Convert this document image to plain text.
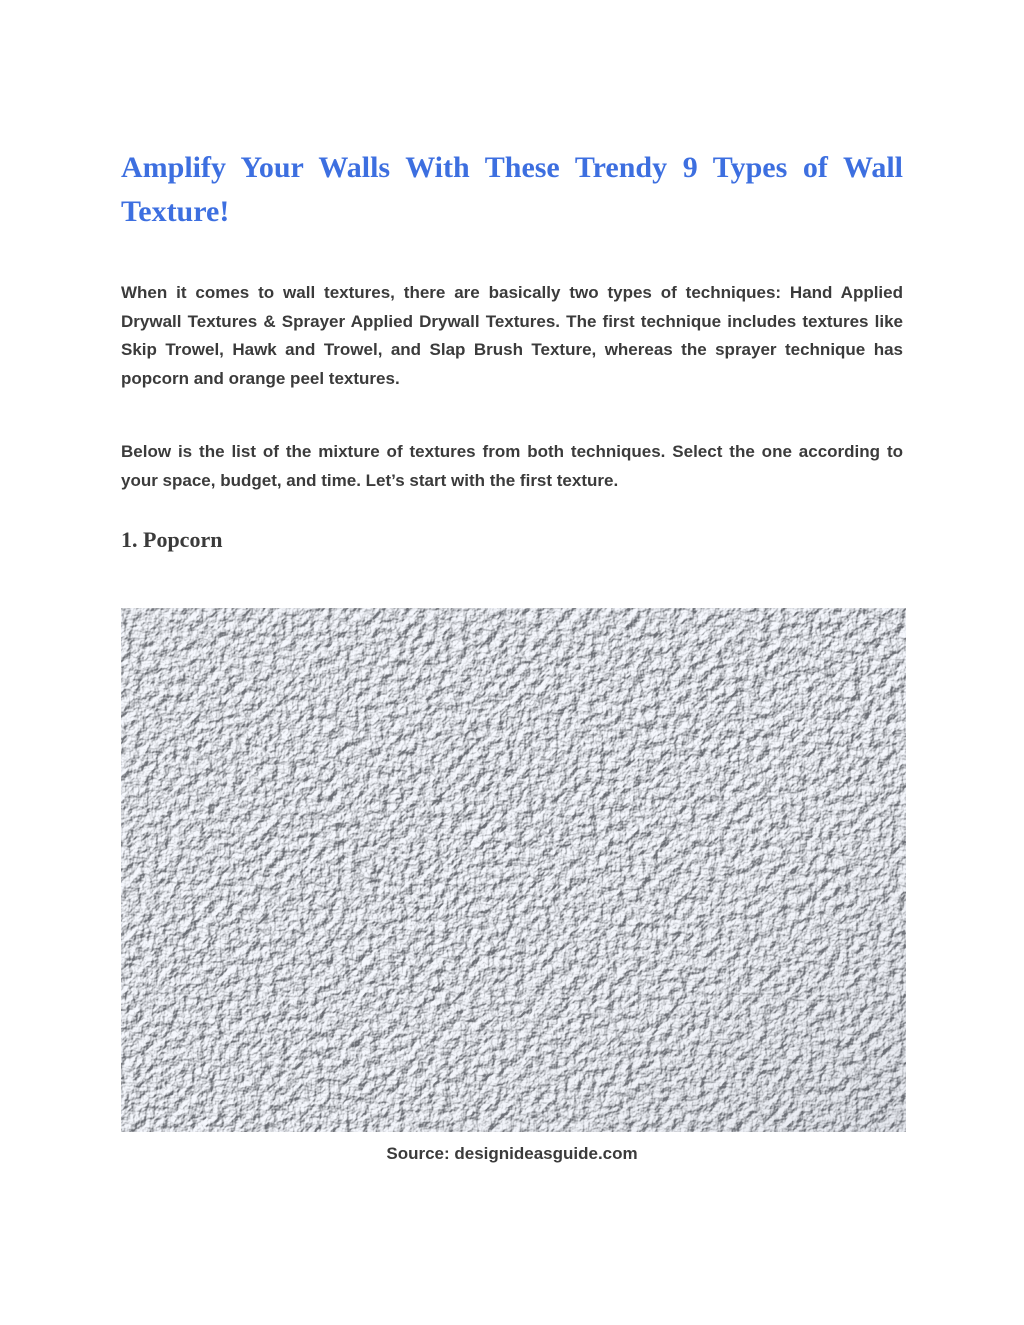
Amplify Your Walls With These Trendy 9 Types of Wall Texture!

When it comes to wall textures, there are basically two types of techniques: Hand Applied Drywall Textures & Sprayer Applied Drywall Textures. The first technique includes textures like Skip Trowel, Hawk and Trowel, and Slap Brush Texture, whereas the sprayer technique has popcorn and orange peel textures.

Below is the list of the mixture of textures from both techniques. Select the one according to your space, budget, and time. Let’s start with the first texture.

1. Popcorn

Source: designideasguide.com
